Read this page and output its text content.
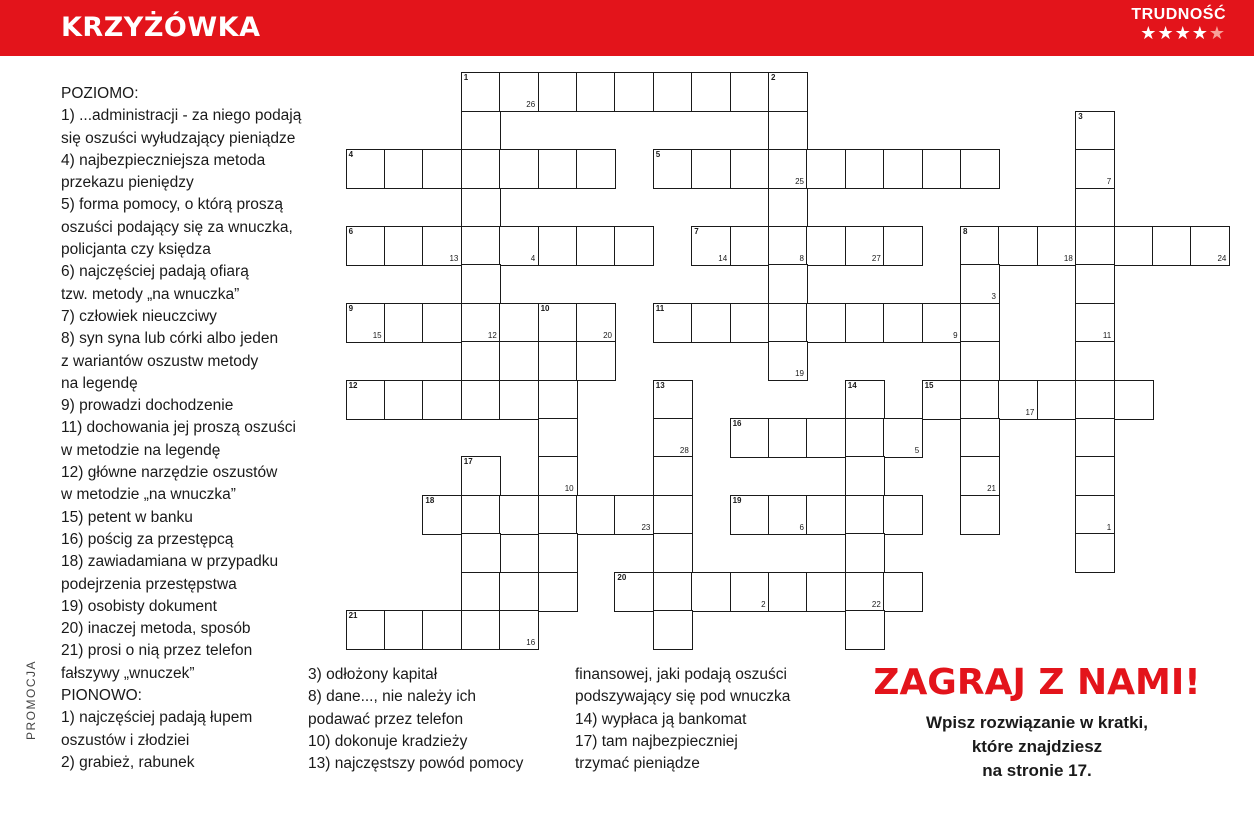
KRZYŻÓWKA	TRUDNOŚĆ
★★★★★
POZIOMO:
1) ...administracji - za niego podają
się oszuści wyłudzający pieniądze
4) najbezpieczniejsza metoda
przekazu pieniędzy
5) forma pomocy, o którą proszą
oszuści podający się za wnuczka,
policjanta czy księdza
6) najczęściej padają ofiarą
tzw. metody „na wnuczka”
7) człowiek nieuczciwy
8) syn syna lub córki albo jeden
z wariantów oszustw metody
na legendę
9) prowadzi dochodzenie
11) dochowania jej proszą oszuści
w metodzie na legendę
12) główne narzędzie oszustów
w metodzie „na wnuczka”
15) petent w banku
16) pościg za przestępcą
18) zawiadamiana w przypadku
podejrzenia przestępstwa
19) osobisty dokument
20) inaczej metoda, sposób
21) prosi o nią przez telefon
fałszywy „wnuczek”
PIONOWO:
1) najczęściej padają łupem
oszustów i złodziei
2) grabież, rabunek
3) odłożony kapitał
8) dane..., nie należy ich
podawać przez telefon
10) dokonuje kradzieży
13) najczęstszy powód pomocy
finansowej, jaki podają oszuści
podszywający się pod wnuczka
14) wypłaca ją bankomat
17) tam najbezpieczniej
trzymać pieniądze
PROMOCJA	ZAGRAJ Z NAMI!
Wpisz rozwiązanie w kratki,
które znajdziesz
na stronie 17.
1
26
2
3
4	5
25	7
6
13	4
7
14	8	27
8
18	24
3
9
15	12
10
20
11
9	11
19
12	13	14	15
17
28
16
5
17
10	21
18
23
19
6	1
20
2	22
21
16
